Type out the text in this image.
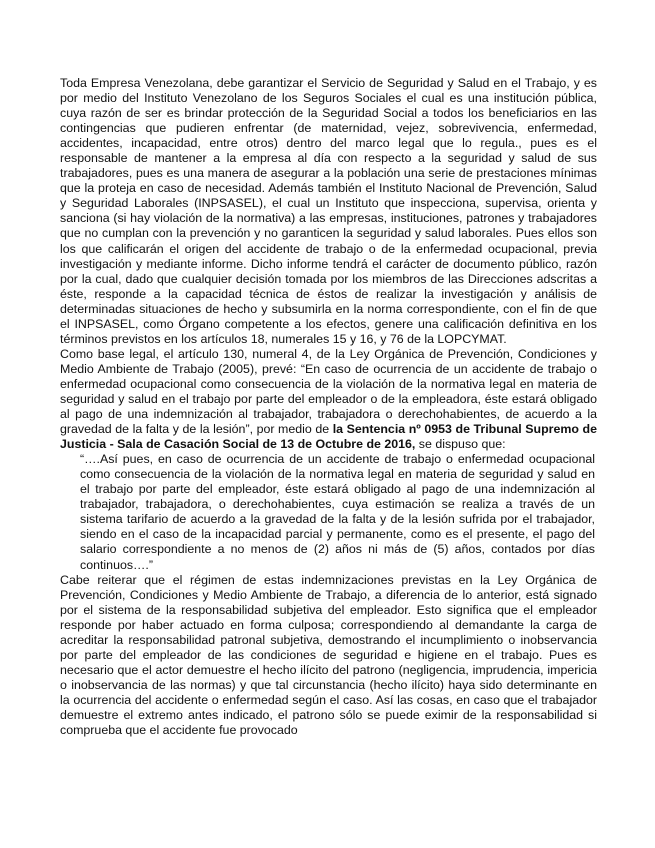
Toda Empresa Venezolana, debe garantizar el Servicio de Seguridad y Salud en el Trabajo, y es por medio del Instituto Venezolano de los Seguros Sociales el cual es una institución pública, cuya razón de ser es brindar protección de la Seguridad Social a todos los beneficiarios en las contingencias que pudieren enfrentar (de maternidad, vejez, sobrevivencia, enfermedad, accidentes, incapacidad, entre otros) dentro del marco legal que lo regula., pues es el responsable de mantener a la empresa al día con respecto a la seguridad y salud de sus trabajadores, pues es una manera de asegurar a la población una serie de prestaciones mínimas que la proteja en caso de necesidad. Además también el Instituto Nacional de Prevención, Salud y Seguridad Laborales (INPSASEL), el cual un Instituto que inspecciona, supervisa, orienta y sanciona (si hay violación de la normativa) a las empresas, instituciones, patrones y trabajadores que no cumplan con la prevención y no garanticen la seguridad y salud laborales. Pues ellos son los que calificarán el origen del accidente de trabajo o de la enfermedad ocupacional, previa investigación y mediante informe. Dicho informe tendrá el carácter de documento público, razón por la cual, dado que cualquier decisión tomada por los miembros de las Direcciones adscritas a éste, responde a la capacidad técnica de éstos de realizar la investigación y análisis de determinadas situaciones de hecho y subsumirla en la norma correspondiente, con el fin de que el INPSASEL, como Órgano competente a los efectos, genere una calificación definitiva en los términos previstos en los artículos 18, numerales 15 y 16, y 76 de la LOPCYMAT.

Como base legal, el artículo 130, numeral 4, de la Ley Orgánica de Prevención, Condiciones y Medio Ambiente de Trabajo (2005), prevé: “En caso de ocurrencia de un accidente de trabajo o enfermedad ocupacional como consecuencia de la violación de la normativa legal en materia de seguridad y salud en el trabajo por parte del empleador o de la empleadora, éste estará obligado al pago de una indemnización al trabajador, trabajadora o derechohabientes, de acuerdo a la gravedad de la falta y de la lesión”, por medio de la Sentencia nº 0953 de Tribunal Supremo de Justicia - Sala de Casación Social de 13 de Octubre de 2016, se dispuso que:

“….Así pues, en caso de ocurrencia de un accidente de trabajo o enfermedad ocupacional como consecuencia de la violación de la normativa legal en materia de seguridad y salud en el trabajo por parte del empleador, éste estará obligado al pago de una indemnización al trabajador, trabajadora, o derechohabientes, cuya estimación se realiza a través de un sistema tarifario de acuerdo a la gravedad de la falta y de la lesión sufrida por el trabajador, siendo en el caso de la incapacidad parcial y permanente, como es el presente, el pago del salario correspondiente a no menos de (2) años ni más de (5) años, contados por días continuos….”

Cabe reiterar que el régimen de estas indemnizaciones previstas en la Ley Orgánica de Prevención, Condiciones y Medio Ambiente de Trabajo, a diferencia de lo anterior, está signado por el sistema de la responsabilidad subjetiva del empleador. Esto significa que el empleador responde por haber actuado en forma culposa; correspondiendo al demandante la carga de acreditar la responsabilidad patronal subjetiva, demostrando el incumplimiento o inobservancia por parte del empleador de las condiciones de seguridad e higiene en el trabajo. Pues es necesario que el actor demuestre el hecho ilícito del patrono (negligencia, imprudencia, impericia o inobservancia de las normas) y que tal circunstancia (hecho ilícito) haya sido determinante en la ocurrencia del accidente o enfermedad según el caso. Así las cosas, en caso que el trabajador demuestre el extremo antes indicado, el patrono sólo se puede eximir de la responsabilidad si comprueba que el accidente fue provocado
